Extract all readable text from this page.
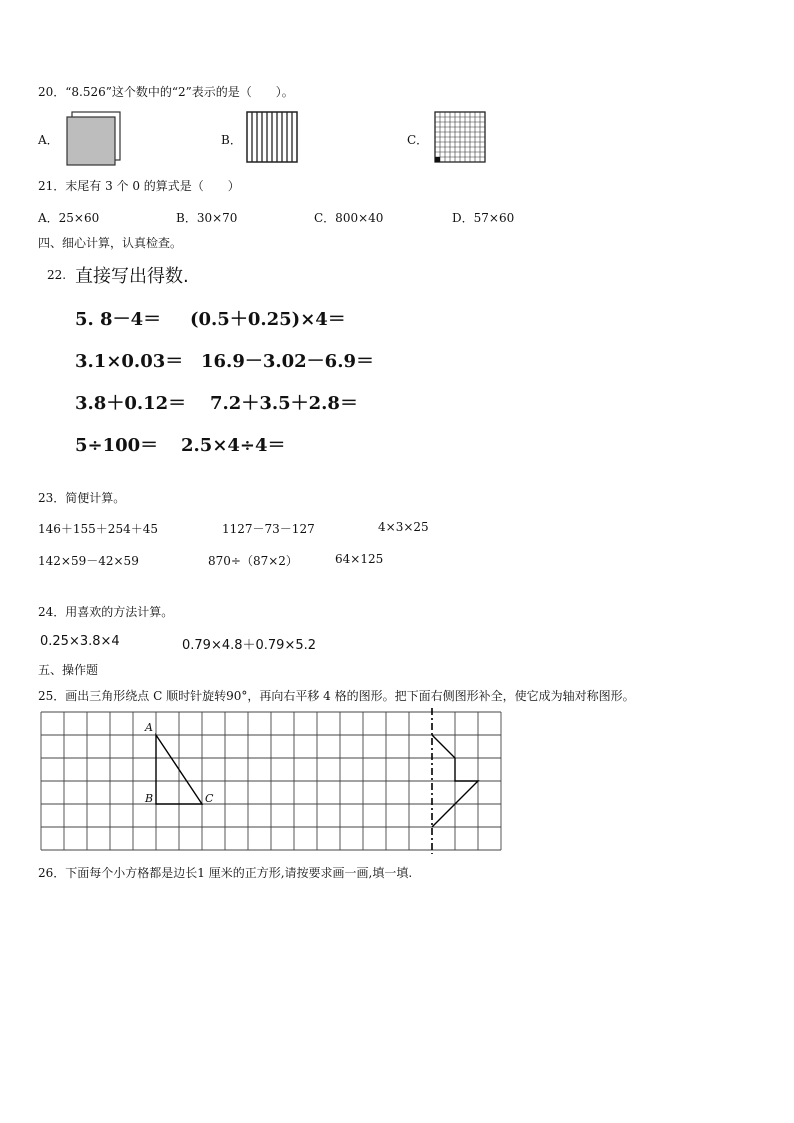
20．“8.526”这个数中的“2”表示的是（　　）。
A．	B．	C．
21．末尾有 3 个 0 的算式是（　　）
A．25×60	B．30×70	C．800×40	D．57×60
四、细心计算，认真检查。
22. 直接写出得数.
5. 8－4＝ (0.5＋0.25)×4＝
3.1×0.03＝ 16.9－3.02－6.9＝
3.8＋0.12＝ 7.2＋3.5＋2.8＝
5÷100＝ 2.5×4÷4＝
23．简便计算。
146＋155＋254＋45	1127－73－127	4×3×25
142×59－42×59	870÷（87×2）	64×125
24．用喜欢的方法计算。
0.25×3.8×4	0.79×4.8＋0.79×5.2
五、操作题
25．画出三角形绕点 C 顺时针旋转90°，再向右平移 4 格的图形。把下面右侧图形补全，使它成为轴对称图形。
A
B	C
26．下面每个小方格都是边长1 厘米的正方形,请按要求画一画,填一填.
